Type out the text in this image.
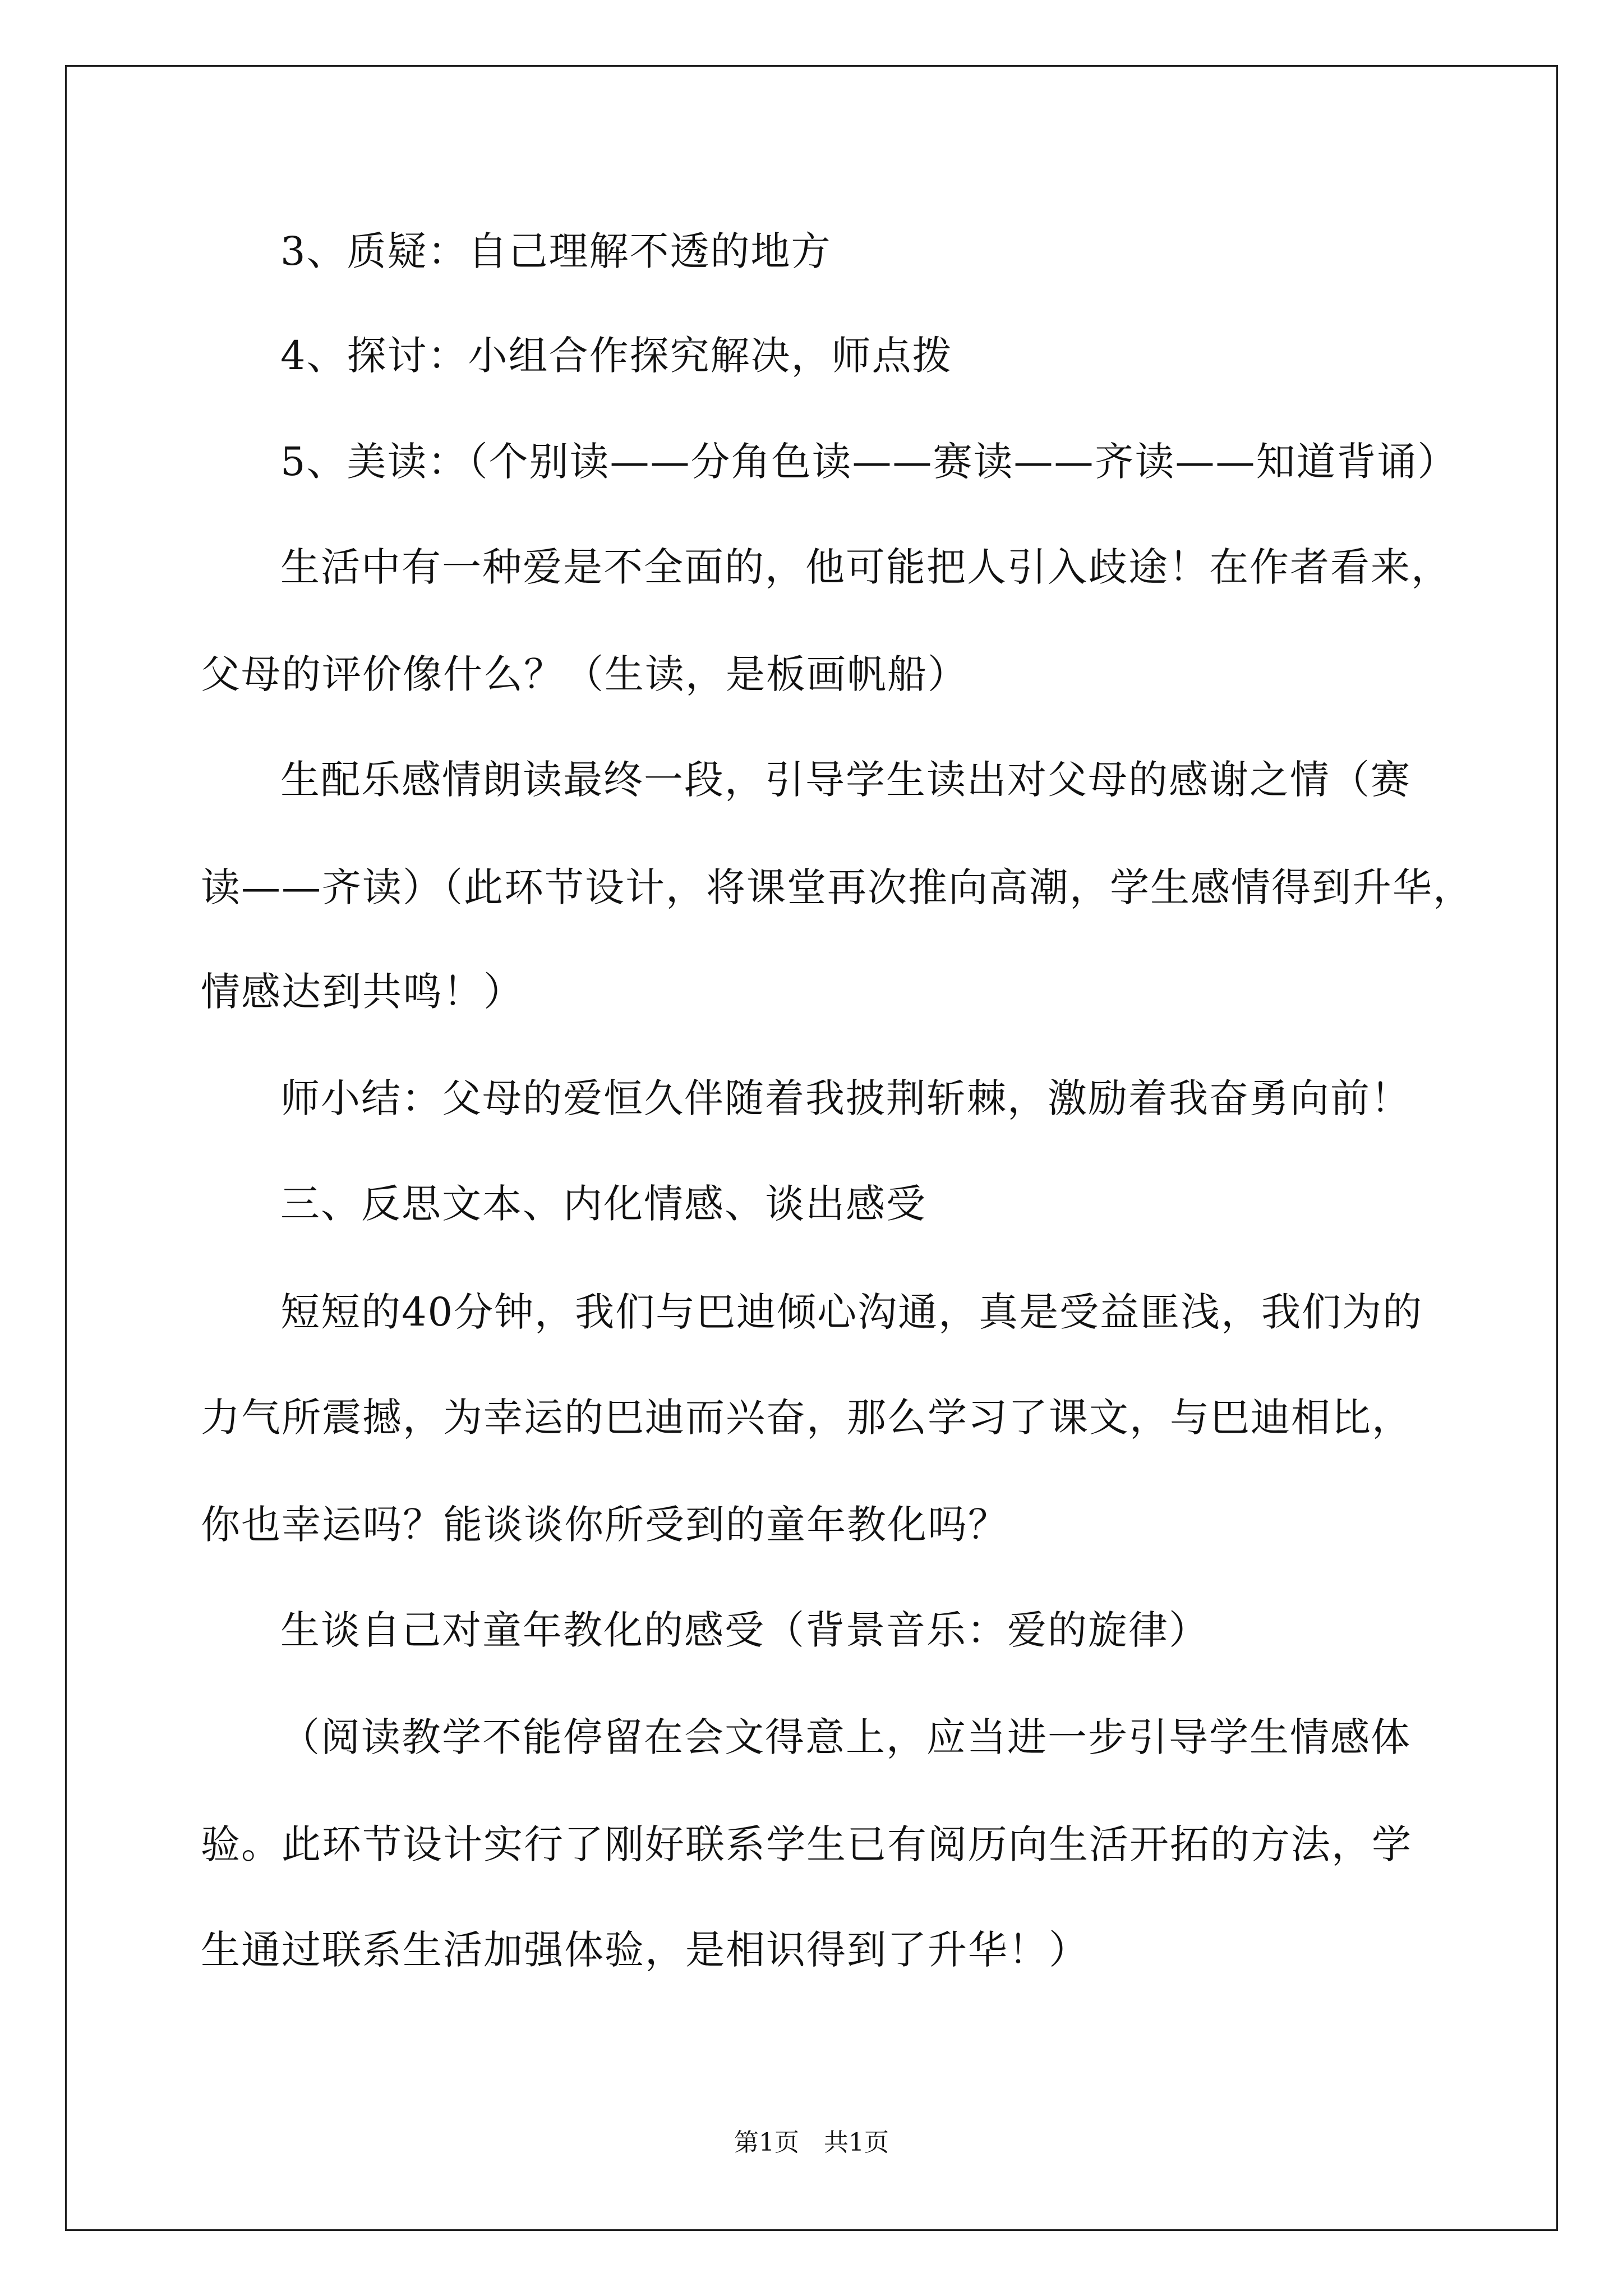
3、质疑：自己理解不透的地方
4、探讨：小组合作探究解决，师点拨
5、美读：（个别读——分角色读——赛读——齐读——知道背诵）
生活中有一种爱是不全面的，他可能把人引入歧途！在作者看来，
父母的评价像什么？（生读，是板画帆船）
生配乐感情朗读最终一段，引导学生读出对父母的感谢之情（赛
读——齐读）（此环节设计，将课堂再次推向高潮，学生感情得到升华，
情感达到共鸣！）
师小结：父母的爱恒久伴随着我披荆斩棘，激励着我奋勇向前！
三、反思文本、内化情感、谈出感受
短短的40分钟，我们与巴迪倾心沟通，真是受益匪浅，我们为的
力气所震撼，为幸运的巴迪而兴奋，那么学习了课文，与巴迪相比，
你也幸运吗？能谈谈你所受到的童年教化吗？
生谈自己对童年教化的感受（背景音乐：爱的旋律）
（阅读教学不能停留在会文得意上，应当进一步引导学生情感体
验。此环节设计实行了刚好联系学生已有阅历向生活开拓的方法，学
生通过联系生活加强体验，是相识得到了升华！）
第1页　共1页
